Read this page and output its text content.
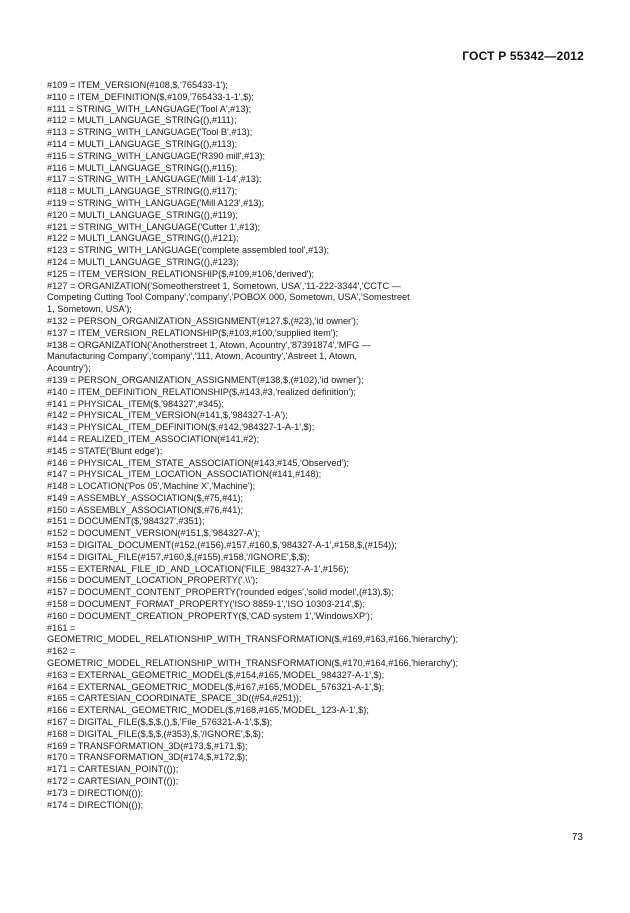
ГОСТ Р 55342—2012
#109 = ITEM_VERSION(#108,$,'765433-1');
#110 = ITEM_DEFINITION($,#109,'765433-1-1',$);
#111 = STRING_WITH_LANGUAGE('Tool A',#13);
#112 = MULTI_LANGUAGE_STRING((),#111);
#113 = STRING_WITH_LANGUAGE('Tool B',#13);
#114 = MULTI_LANGUAGE_STRING((),#113);
#115 = STRING_WITH_LANGUAGE('R390 mill',#13);
#116 = MULTI_LANGUAGE_STRING((),#115);
#117 = STRING_WITH_LANGUAGE('Mill 1-14',#13);
#118 = MULTI_LANGUAGE_STRING((),#117);
#119 = STRING_WITH_LANGUAGE('Mill A123',#13);
#120 = MULTI_LANGUAGE_STRING((),#119);
#121 = STRING_WITH_LANGUAGE('Cutter 1',#13);
#122 = MULTI_LANGUAGE_STRING((),#121);
#123 = STRING_WITH_LANGUAGE('complete assembled tool',#13);
#124 = MULTI_LANGUAGE_STRING((),#123);
#125 = ITEM_VERSION_RELATIONSHIP($,#109,#106,'derived');
#127 = ORGANIZATION('Someotherstreet 1, Sometown, USA','11-222-3344','CCTC —
Competing Cutting Tool Company','company','POBOX 000, Sometown, USA','Somestreet
1, Sometown, USA');
#132 = PERSON_ORGANIZATION_ASSIGNMENT(#127,$,(#23),'id owner');
#137 = ITEM_VERSION_RELATIONSHIP($,#103,#100,'supplied item');
#138 = ORGANIZATION('Anotherstreet 1, Atown, Acountry','87391874','MFG —
Manufacturing Company','company','111, Atown, Acountry','Astreet 1, Atown,
Acountry');
#139 = PERSON_ORGANIZATION_ASSIGNMENT(#138,$,(#102),'id owner');
#140 = ITEM_DEFINITION_RELATIONSHIP($,#143,#3,'realized definition');
#141 = PHYSICAL_ITEM($,'984327',#345);
#142 = PHYSICAL_ITEM_VERSION(#141,$,'984327-1-A');
#143 = PHYSICAL_ITEM_DEFINITION($,#142,'984327-1-A-1',$);
#144 = REALIZED_ITEM_ASSOCIATION(#141,#2);
#145 = STATE('Blunt edge');
#146 = PHYSICAL_ITEM_STATE_ASSOCIATION(#143,#145,'Observed');
#147 = PHYSICAL_ITEM_LOCATION_ASSOCIATION(#141,#148);
#148 = LOCATION('Pos 05','Machine X','Machine');
#149 = ASSEMBLY_ASSOCIATION($,#75,#41);
#150 = ASSEMBLY_ASSOCIATION($,#76,#41);
#151 = DOCUMENT($,'984327',#351);
#152 = DOCUMENT_VERSION(#151,$,'984327-A');
#153 = DIGITAL_DOCUMENT(#152,(#156),#157,#160,$,'984327-A-1',#158,$,(#154));
#154 = DIGITAL_FILE(#157,#160,$,(#155),#158,'/IGNORE',$,$);
#155 = EXTERNAL_FILE_ID_AND_LOCATION('FILE_984327-A-1',#156);
#156 = DOCUMENT_LOCATION_PROPERTY('.\\');
#157 = DOCUMENT_CONTENT_PROPERTY('rounded edges','solid model',(#13),$);
#158 = DOCUMENT_FORMAT_PROPERTY('ISO 8859-1','ISO 10303-214',$);
#160 = DOCUMENT_CREATION_PROPERTY($,'CAD system 1','WindowsXP');
#161 =
GEOMETRIC_MODEL_RELATIONSHIP_WITH_TRANSFORMATION($,#169,#163,#166,'hierarchy');
#162 =
GEOMETRIC_MODEL_RELATIONSHIP_WITH_TRANSFORMATION($,#170,#164,#166,'hierarchy');
#163 = EXTERNAL_GEOMETRIC_MODEL($,#154,#165,'MODEL_984327-A-1',$);
#164 = EXTERNAL_GEOMETRIC_MODEL($,#167,#165,'MODEL_576321-A-1',$);
#165 = CARTESIAN_COORDINATE_SPACE_3D((#54,#251));
#166 = EXTERNAL_GEOMETRIC_MODEL($,#168,#165,'MODEL_123-A-1',$);
#167 = DIGITAL_FILE($,$,$,(),$,'File_576321-A-1',$,$);
#168 = DIGITAL_FILE($,$,$,(#353),$,'/IGNORE',$,$);
#169 = TRANSFORMATION_3D(#173,$,#171,$);
#170 = TRANSFORMATION_3D(#174,$,#172,$);
#171 = CARTESIAN_POINT(());
#172 = CARTESIAN_POINT(());
#173 = DIRECTION(());
#174 = DIRECTION(());
73
